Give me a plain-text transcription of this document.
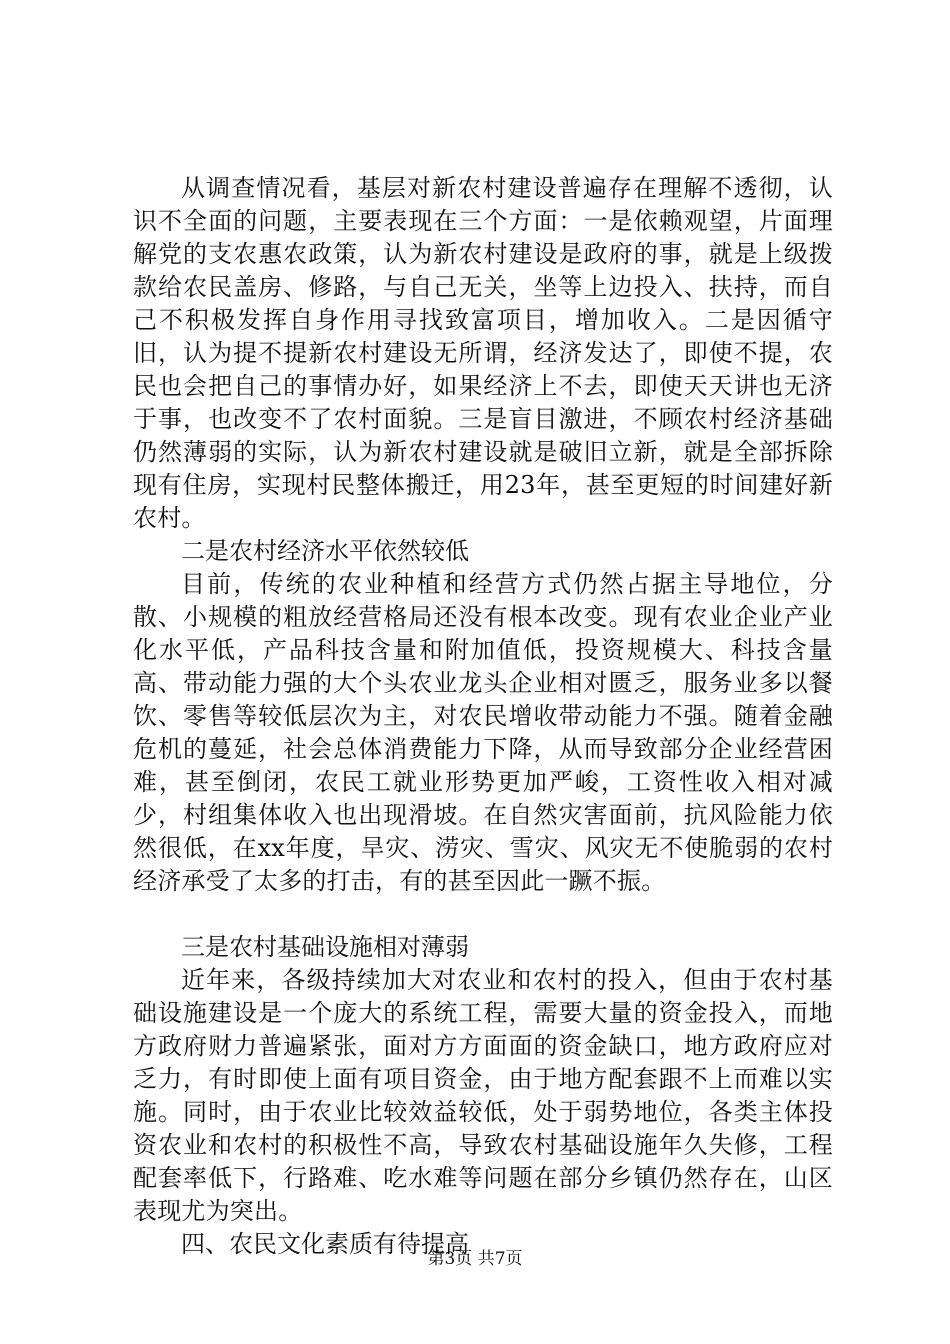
从调查情况看，基层对新农村建设普遍存在理解不透彻，认识不全面的问题，主要表现在三个方面：一是依赖观望，片面理解党的支农惠农政策，认为新农村建设是政府的事，就是上级拨款给农民盖房、修路，与自己无关，坐等上边投入、扶持，而自己不积极发挥自身作用寻找致富项目，增加收入。二是因循守旧，认为提不提新农村建设无所谓，经济发达了，即使不提，农民也会把自己的事情办好，如果经济上不去，即使天天讲也无济于事，也改变不了农村面貌。三是盲目激进，不顾农村经济基础仍然薄弱的实际，认为新农村建设就是破旧立新，就是全部拆除现有住房，实现村民整体搬迁，用23年，甚至更短的时间建好新农村。

二是农村经济水平依然较低

目前，传统的农业种植和经营方式仍然占据主导地位，分散、小规模的粗放经营格局还没有根本改变。现有农业企业产业化水平低，产品科技含量和附加值低，投资规模大、科技含量高、带动能力强的大个头农业龙头企业相对匮乏，服务业多以餐饮、零售等较低层次为主，对农民增收带动能力不强。随着金融危机的蔓延，社会总体消费能力下降，从而导致部分企业经营困难，甚至倒闭，农民工就业形势更加严峻，工资性收入相对减少，村组集体收入也出现滑坡。在自然灾害面前，抗风险能力依然很低，在xx年度，旱灾、涝灾、雪灾、风灾无不使脆弱的农村经济承受了太多的打击，有的甚至因此一蹶不振。

三是农村基础设施相对薄弱

近年来，各级持续加大对农业和农村的投入，但由于农村基础设施建设是一个庞大的系统工程，需要大量的资金投入，而地方政府财力普遍紧张，面对方方面面的资金缺口，地方政府应对乏力，有时即使上面有项目资金，由于地方配套跟不上而难以实施。同时，由于农业比较效益较低，处于弱势地位，各类主体投资农业和农村的积极性不高，导致农村基础设施年久失修，工程配套率低下，行路难、吃水难等问题在部分乡镇仍然存在，山区表现尤为突出。

四、农民文化素质有待提高

第3页 共7页
